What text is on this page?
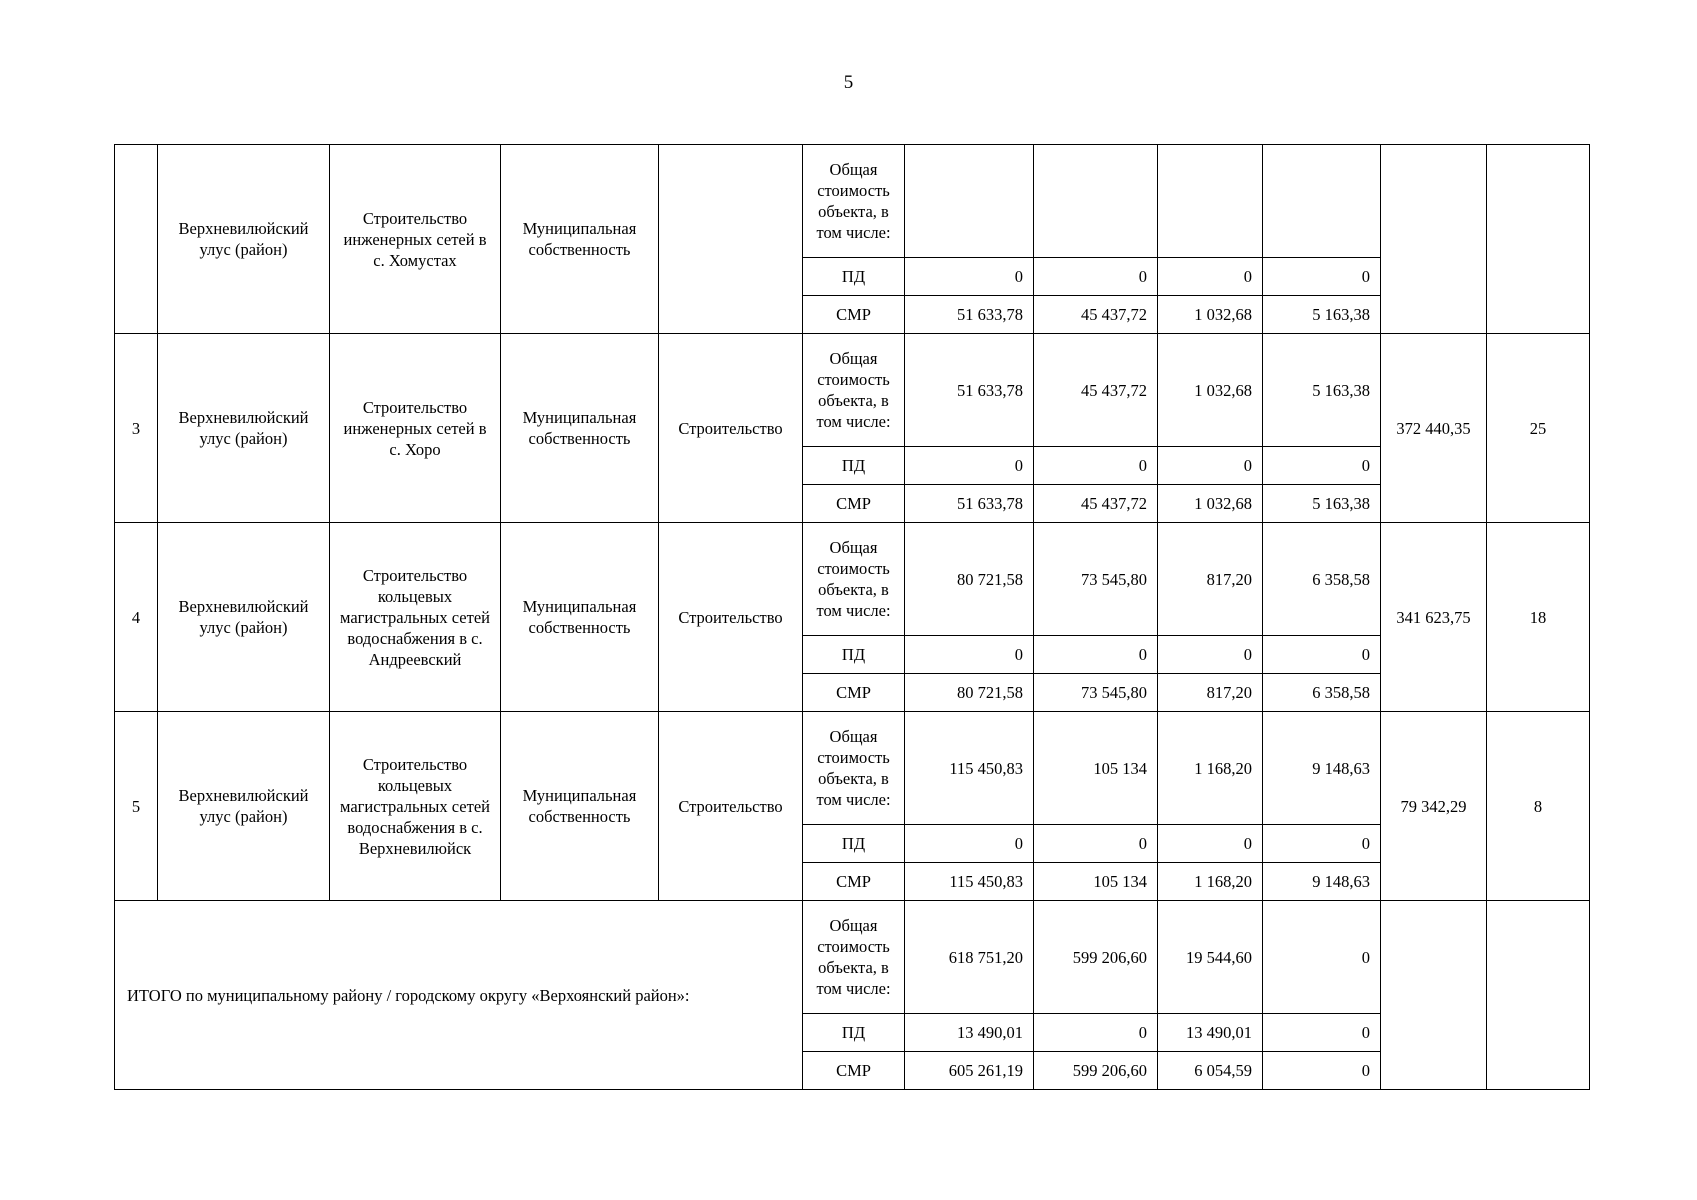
5
	Верхневилюйский улус (район)	Строительство инженерных сетей в с. Хомустах	Муниципальная собственность		Общая стоимость объекта, в том числе:						
					ПД	0	0	0	0		
					СМР	51 633,78	45 437,72	1 032,68	5 163,38		
3	Верхневилюйский улус (район)	Строительство инженерных сетей в с. Хоро	Муниципальная собственность	Строительство	Общая стоимость объекта, в том числе:	51 633,78	45 437,72	1 032,68	5 163,38	372 440,35	25
					ПД	0	0	0	0		
					СМР	51 633,78	45 437,72	1 032,68	5 163,38		
4	Верхневилюйский улус (район)	Строительство кольцевых магистральных сетей водоснабжения в с. Андреевский	Муниципальная собственность	Строительство	Общая стоимость объекта, в том числе:	80 721,58	73 545,80	817,20	6 358,58	341 623,75	18
					ПД	0	0	0	0		
					СМР	80 721,58	73 545,80	817,20	6 358,58		
5	Верхневилюйский улус (район)	Строительство кольцевых магистральных сетей водоснабжения в с. Верхневилюйск	Муниципальная собственность	Строительство	Общая стоимость объекта, в том числе:	115 450,83	105 134	1 168,20	9 148,63	79 342,29	8
					ПД	0	0	0	0		
					СМР	115 450,83	105 134	1 168,20	9 148,63		
ИТОГО по муниципальному району / городскому округу «Верхоянский район»:					Общая стоимость объекта, в том числе:	618 751,20	599 206,60	19 544,60	0		
					ПД	13 490,01	0	13 490,01	0		
					СМР	605 261,19	599 206,60	6 054,59	0		
